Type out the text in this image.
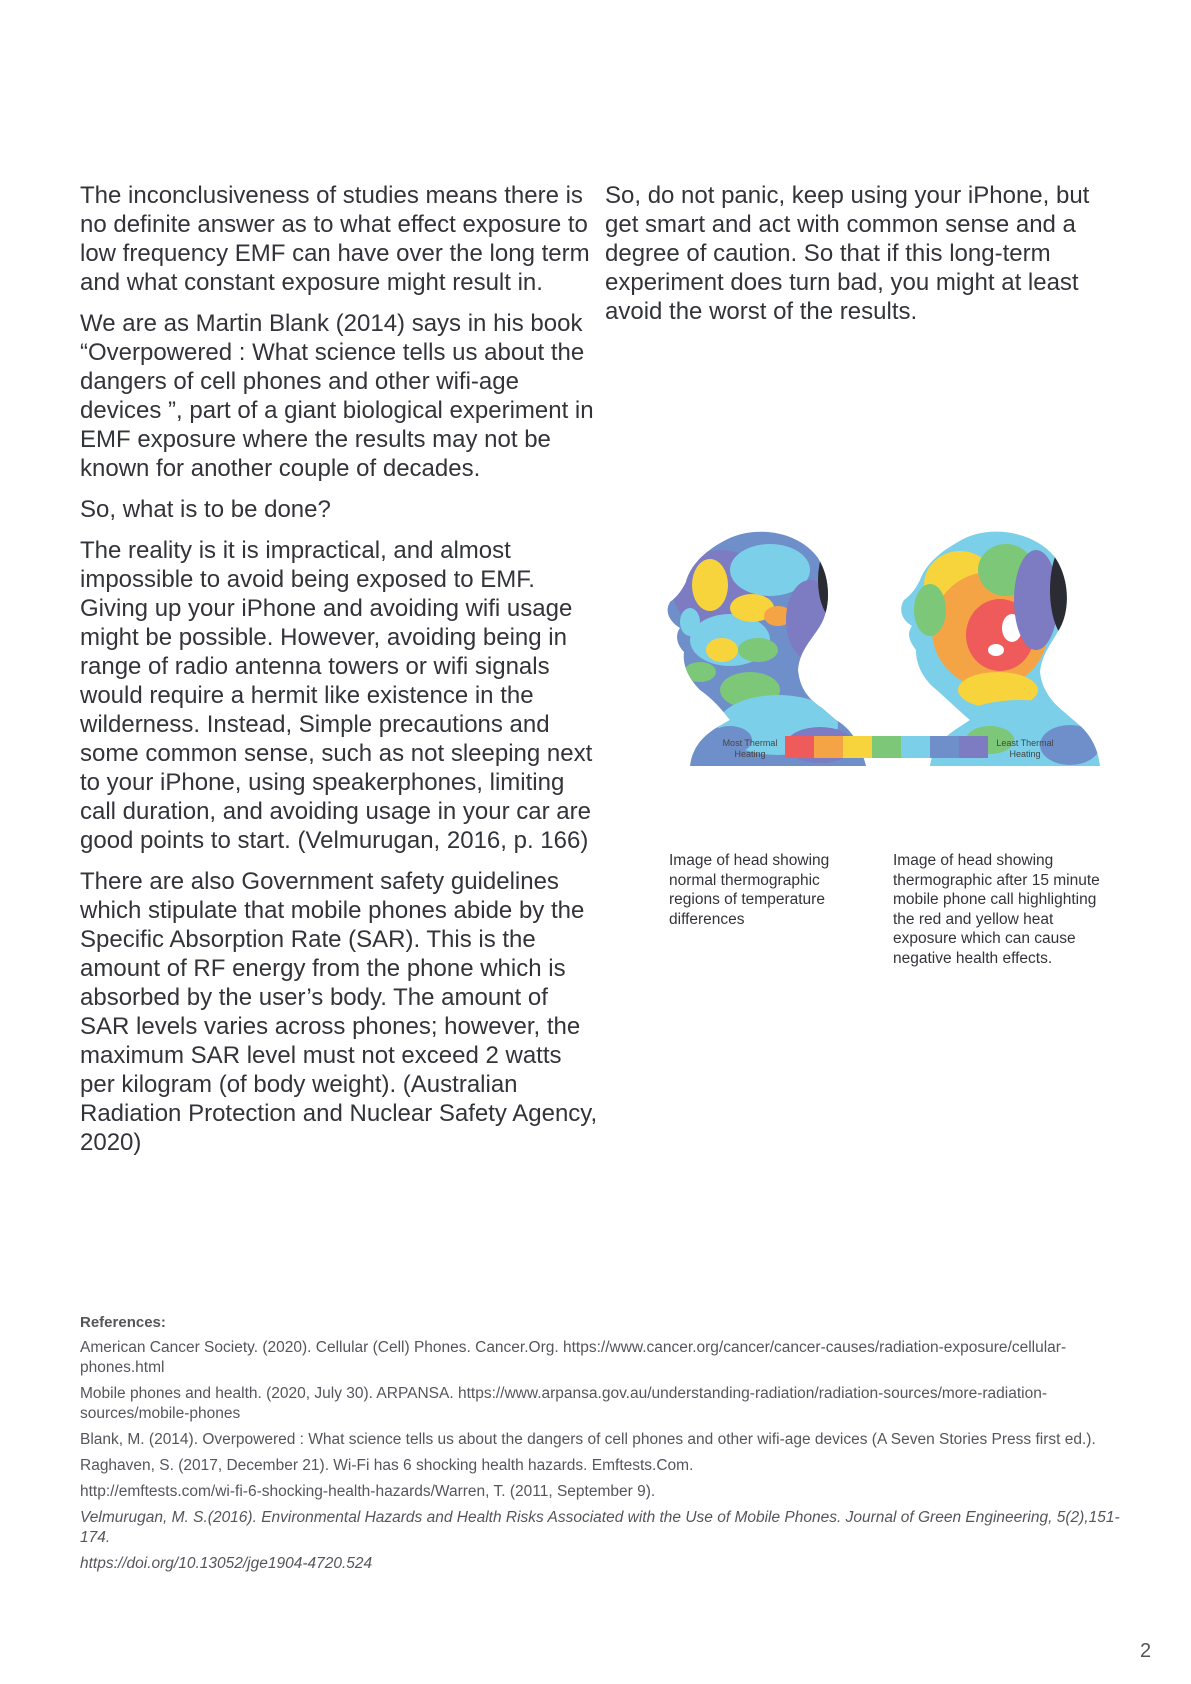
The inconclusiveness of studies means there is no definite answer as to what effect exposure to low frequency EMF can have over the long term and what constant exposure might result in.

We are as Martin Blank (2014) says in his book “Overpowered : What science tells us about the dangers of cell phones and other wifi-age devices ”, part of a giant biological experiment in EMF exposure where the results may not be known for another couple of decades.

So, what is to be done?

The reality is it is impractical, and almost impossible to avoid being exposed to EMF. Giving up your iPhone and avoiding wifi usage might be possible. However, avoiding being in range of radio antenna towers or wifi signals would require a hermit like existence in the wilderness. Instead, Simple precautions and some common sense, such as not sleeping next to your iPhone, using speakerphones, limiting call duration, and avoiding usage in your car are good points to start. (Velmurugan, 2016, p. 166)

There are also Government safety guidelines which stipulate that mobile phones abide by the Specific Absorption Rate (SAR). This is the amount of RF energy from the phone which is absorbed by the user’s body. The amount of SAR levels varies across phones; however, the maximum SAR level must not exceed 2 watts per kilogram (of body weight). (Australian Radiation Protection and Nuclear Safety Agency, 2020)

So, do not panic, keep using your iPhone, but get smart and act with common sense and a degree of caution. So that if this long-term experiment does turn bad, you might at least avoid the worst of the results.

Most Thermal Heating
Least Thermal Heating
Image of head showing normal thermographic regions of temperature differences
Image of head showing thermographic after 15 minute mobile phone call highlighting the red and yellow heat exposure which can cause negative health effects.
References:

American Cancer Society. (2020). Cellular (Cell) Phones. Cancer.Org. https://www.cancer.org/cancer/cancer-causes/radiation-exposure/cellular-phones.html

Mobile phones and health. (2020, July 30). ARPANSA. https://www.arpansa.gov.au/understanding-radiation/radiation-sources/more-radiation-sources/mobile-phones

Blank, M. (2014). Overpowered : What science tells us about the dangers of cell phones and other wifi-age devices (A Seven Stories Press first ed.).

Raghaven, S. (2017, December 21). Wi-Fi has 6 shocking health hazards. Emftests.Com.

http://emftests.com/wi-fi-6-shocking-health-hazards/Warren, T. (2011, September 9).

Velmurugan, M. S.(2016). Environmental Hazards and Health Risks Associated with the Use of Mobile Phones. Journal of Green Engineering, 5(2),151-174.

https://doi.org/10.13052/jge1904-4720.524

2
